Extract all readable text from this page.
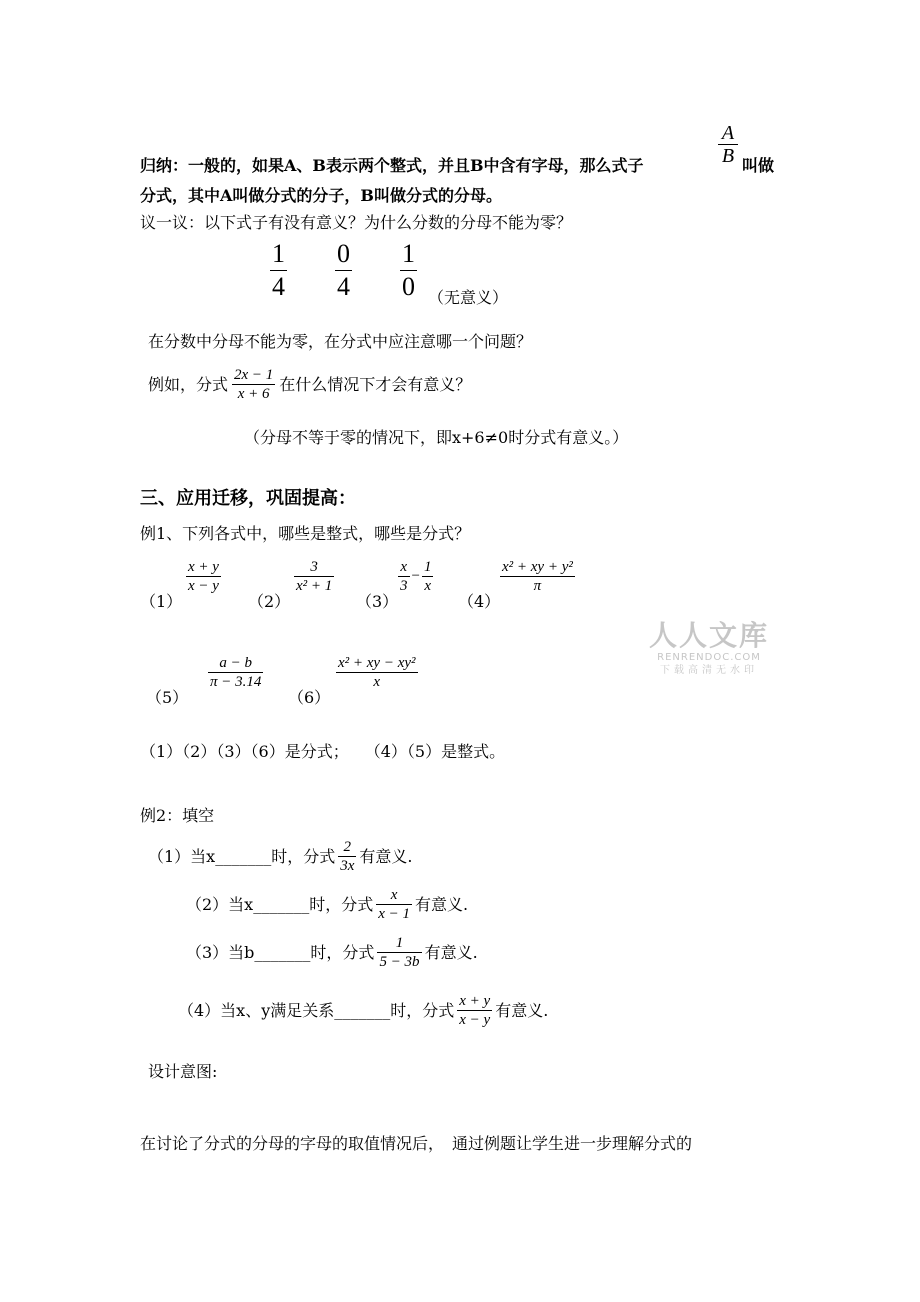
归纳：一般的，如果A、B表示两个整式，并且B中含有字母，那么式子
A
B 叫做
分式，其中A叫做分式的分子，B叫做分式的分母。
议一议：以下式子有没有意义？为什么分数的分母不能为零？
$\frac{1}{4} \frac{0}{4} \frac{1}{0}$ （无意义）
在分数中分母不能为零，在分式中应注意哪一个问题？
例如，分式 $\frac{2x - 1}{x + 6}$ 在什么情况下才会有意义？
（分母不等于零的情况下，即x+6≠0时分式有意义。）
三、应用迁移，巩固提高：
例1、下列各式中，哪些是整式，哪些是分式？
（1）
$\frac{x + y}{x - y}$
（2）
$\frac{3}{\text{x² + 1}}$
（3）
$\frac{x}{3} - \frac{1}{x}$
（4）
$\frac{\text{x² + xy + y²}}{\pi}$
（5）
$\frac{a - b}{\pi - 3.14}$
（6）
$\frac{\text{x² + xy − xy²}}{x}$
（1）（2）（3）（6）是分式；　　（4）（5）是整式。
例2：填空
（1）当x_______时，分式 $\frac{2}{3x}$ 有意义.
（2）当x_______时，分式 $\frac{x}{x - 1}$ 有意义.
（3）当b_______时，分式 $\frac{1}{5 - 3b}$ 有意义.
（4）当x、y满足关系_______时，分式 $\frac{x + y}{x - y}$ 有意义.
设计意图:
在讨论了分式的分母的字母的取值情况后，　通过例题让学生进一步理解分式的
人人文库
RENRENDOC.COM
下载高清无水印
